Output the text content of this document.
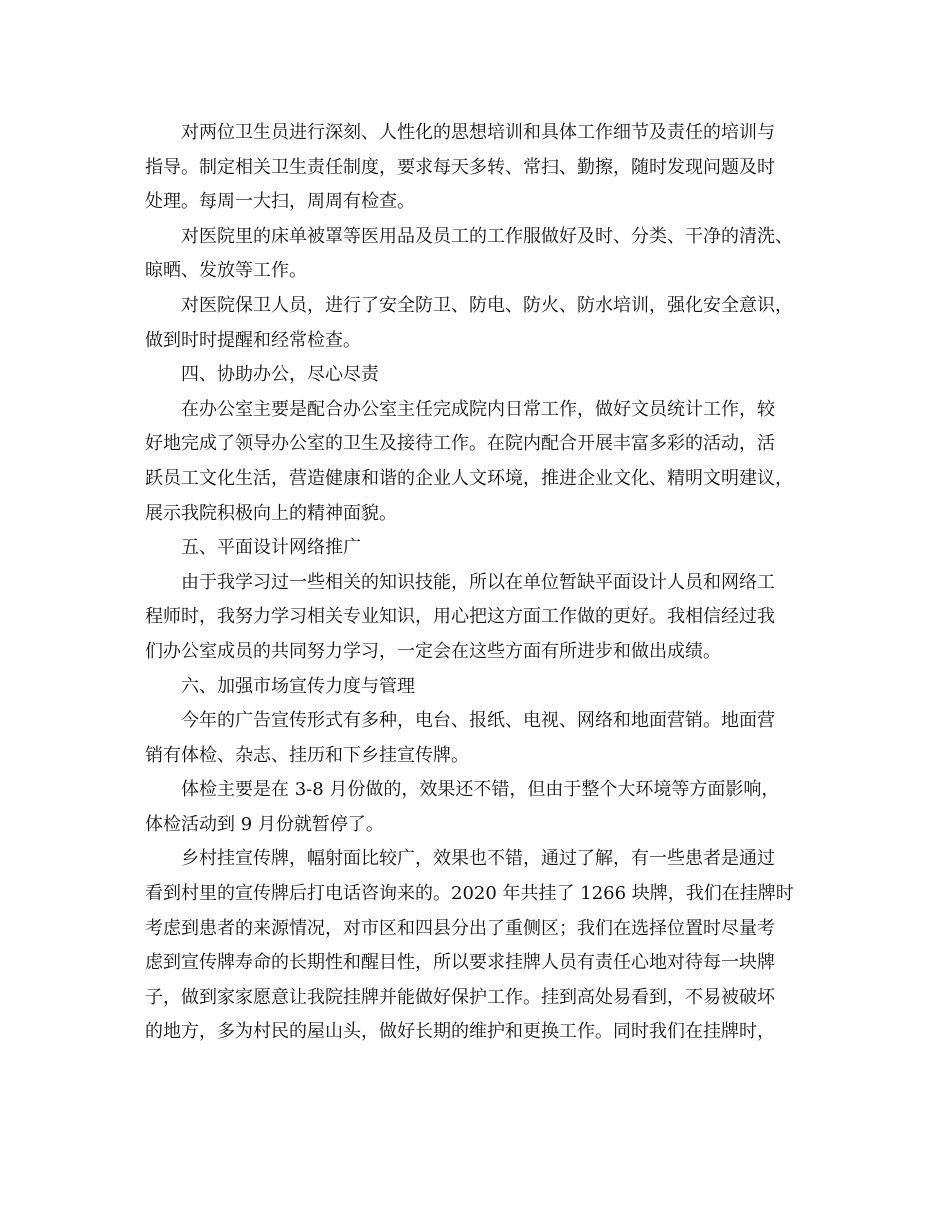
对两位卫生员进行深刻、人性化的思想培训和具体工作细节及责任的培训与
指导。制定相关卫生责任制度，要求每天多转、常扫、勤擦，随时发现问题及时
处理。每周一大扫，周周有检查。

对医院里的床单被罩等医用品及员工的工作服做好及时、分类、干净的清洗、
晾晒、发放等工作。

对医院保卫人员，进行了安全防卫、防电、防火、防水培训，强化安全意识，
做到时时提醒和经常检查。

四、协助办公，尽心尽责

在办公室主要是配合办公室主任完成院内日常工作，做好文员统计工作，较
好地完成了领导办公室的卫生及接待工作。在院内配合开展丰富多彩的活动，活
跃员工文化生活，营造健康和谐的企业人文环境，推进企业文化、精明文明建议，
展示我院积极向上的精神面貌。

五、平面设计网络推广

由于我学习过一些相关的知识技能，所以在单位暂缺平面设计人员和网络工
程师时，我努力学习相关专业知识，用心把这方面工作做的更好。我相信经过我
们办公室成员的共同努力学习，一定会在这些方面有所进步和做出成绩。

六、加强市场宣传力度与管理

今年的广告宣传形式有多种，电台、报纸、电视、网络和地面营销。地面营
销有体检、杂志、挂历和下乡挂宣传牌。

体检主要是在 3-8 月份做的，效果还不错，但由于整个大环境等方面影响，
体检活动到 9 月份就暂停了。

乡村挂宣传牌，幅射面比较广，效果也不错，通过了解，有一些患者是通过
看到村里的宣传牌后打电话咨询来的。2020 年共挂了 1266 块牌，我们在挂牌时
考虑到患者的来源情况，对市区和四县分出了重侧区；我们在选择位置时尽量考
虑到宣传牌寿命的长期性和醒目性，所以要求挂牌人员有责任心地对待每一块牌
子，做到家家愿意让我院挂牌并能做好保护工作。挂到高处易看到，不易被破坏
的地方，多为村民的屋山头，做好长期的维护和更换工作。同时我们在挂牌时，
